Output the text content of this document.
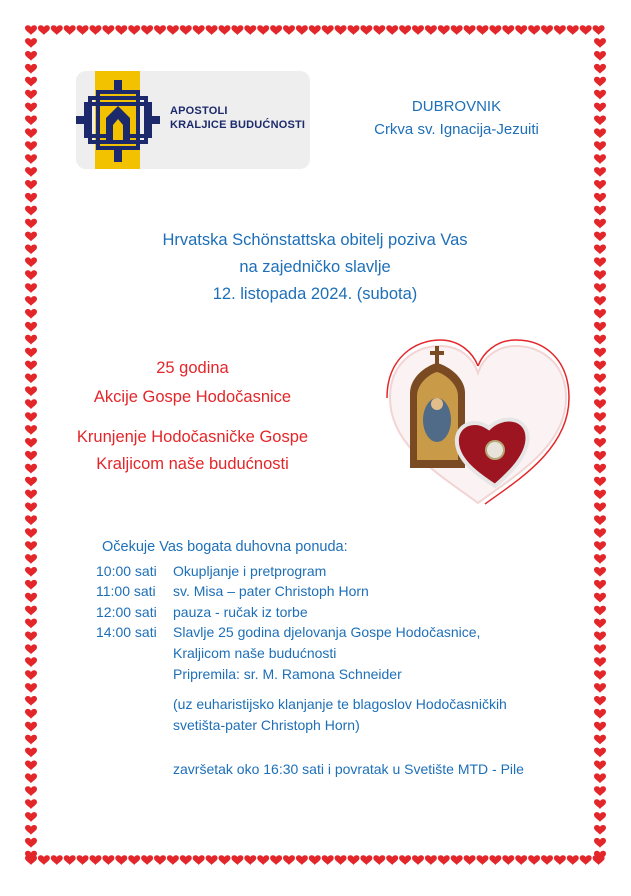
APOSTOLI
KRALJICE BUDUĆNOSTI
DUBROVNIK
Crkva sv. Ignacija-Jezuiti
Hrvatska Schönstattska obitelj poziva Vas
na zajedničko slavlje
12. listopada 2024. (subota)
25 godina
Akcije Gospe Hodočasnice
Krunjenje Hodočasničke Gospe
Kraljicom naše budućnosti
Očekuje Vas bogata duhovna ponuda:
10:00 sati Okupljanje i pretprogram
11:00 sati sv. Misa – pater Christoph Horn
12:00 sati pauza - ručak iz torbe
14:00 sati Slavlje 25 godina djelovanja Gospe Hodočasnice,
Kraljicom naše budućnosti
Pripremila: sr. M. Ramona Schneider
(uz euharistijsko klanjanje te blagoslov Hodočasničkih
svetišta-pater Christoph Horn)
završetak oko 16:30 sati i povratak u Svetište MTD - Pile
